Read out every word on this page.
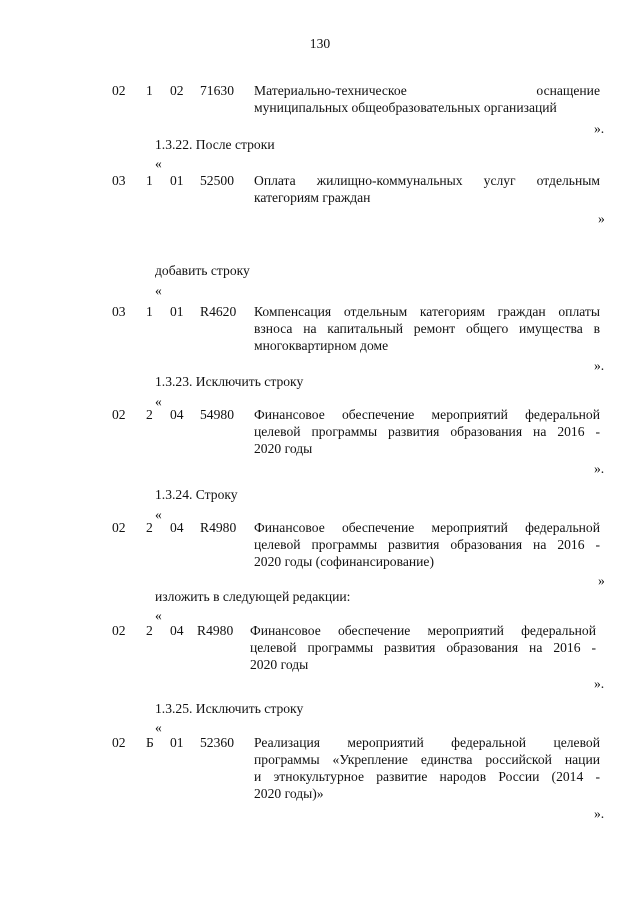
130
02 1 02 71630 Материально-техническое оснащение
муниципальных общеобразовательных организаций
».
1.3.22. После строки
«
03 1 01 52500 Оплата жилищно-коммунальных услуг отдельным
категориям граждан
»
добавить строку
«
03 1 01 R4620 Компенсация отдельным категориям граждан оплаты
взноса на капитальный ремонт общего имущества в
многоквартирном доме
».
1.3.23. Исключить строку
«
02 2 04 54980 Финансовое обеспечение мероприятий федеральной
целевой программы развития образования на 2016 -
2020 годы
».
1.3.24. Строку
«
02 2 04 R4980 Финансовое обеспечение мероприятий федеральной
целевой программы развития образования на 2016 -
2020 годы (софинансирование)
»
изложить в следующей редакции:
«
02 2 04 R4980 Финансовое обеспечение мероприятий федеральной
целевой программы развития образования на 2016 -
2020 годы
».
1.3.25. Исключить строку
«
02 Б 01 52360 Реализация мероприятий федеральной целевой
программы «Укрепление единства российской нации
и этнокультурное развитие народов России (2014 -
2020 годы)»
».
